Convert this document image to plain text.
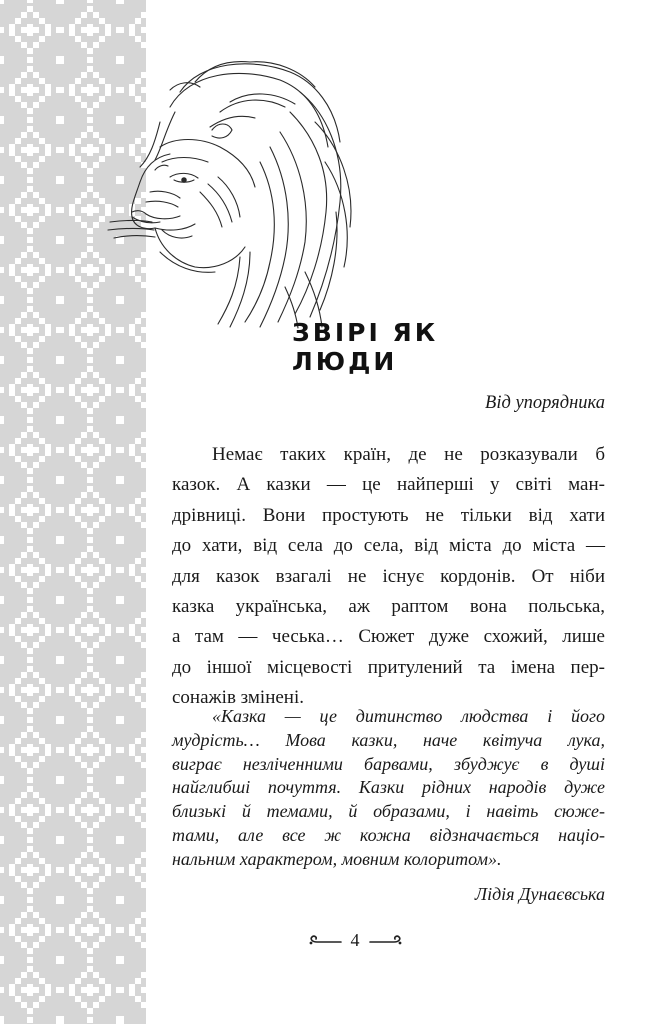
ЗВІРІ ЯК ЛЮДИ
Від упорядника
Немає таких країн, де не розказували б
казок. А казки — це найперші у світі ман-
дрівниці. Вони простують не тільки від хати
до хати, від села до села, від міста до міста —
для казок взагалі не існує кордонів. От ніби
казка українська, аж раптом вона польська,
а там — чеська… Сюжет дуже схожий, лише
до іншої місцевості притулений та імена пер-
сонажів змінені.
«Казка — це дитинство людства і його
мудрість… Мова казки, наче квітуча лука,
виграє незліченними барвами, збуджує в душі
найглибші почуття. Казки рідних народів дуже
близькі й темами, й образами, і навіть сюже-
тами, але все ж кожна відзначається націо-
нальним характером, мовним колоритом».
Лідія Дунаєвська
4
